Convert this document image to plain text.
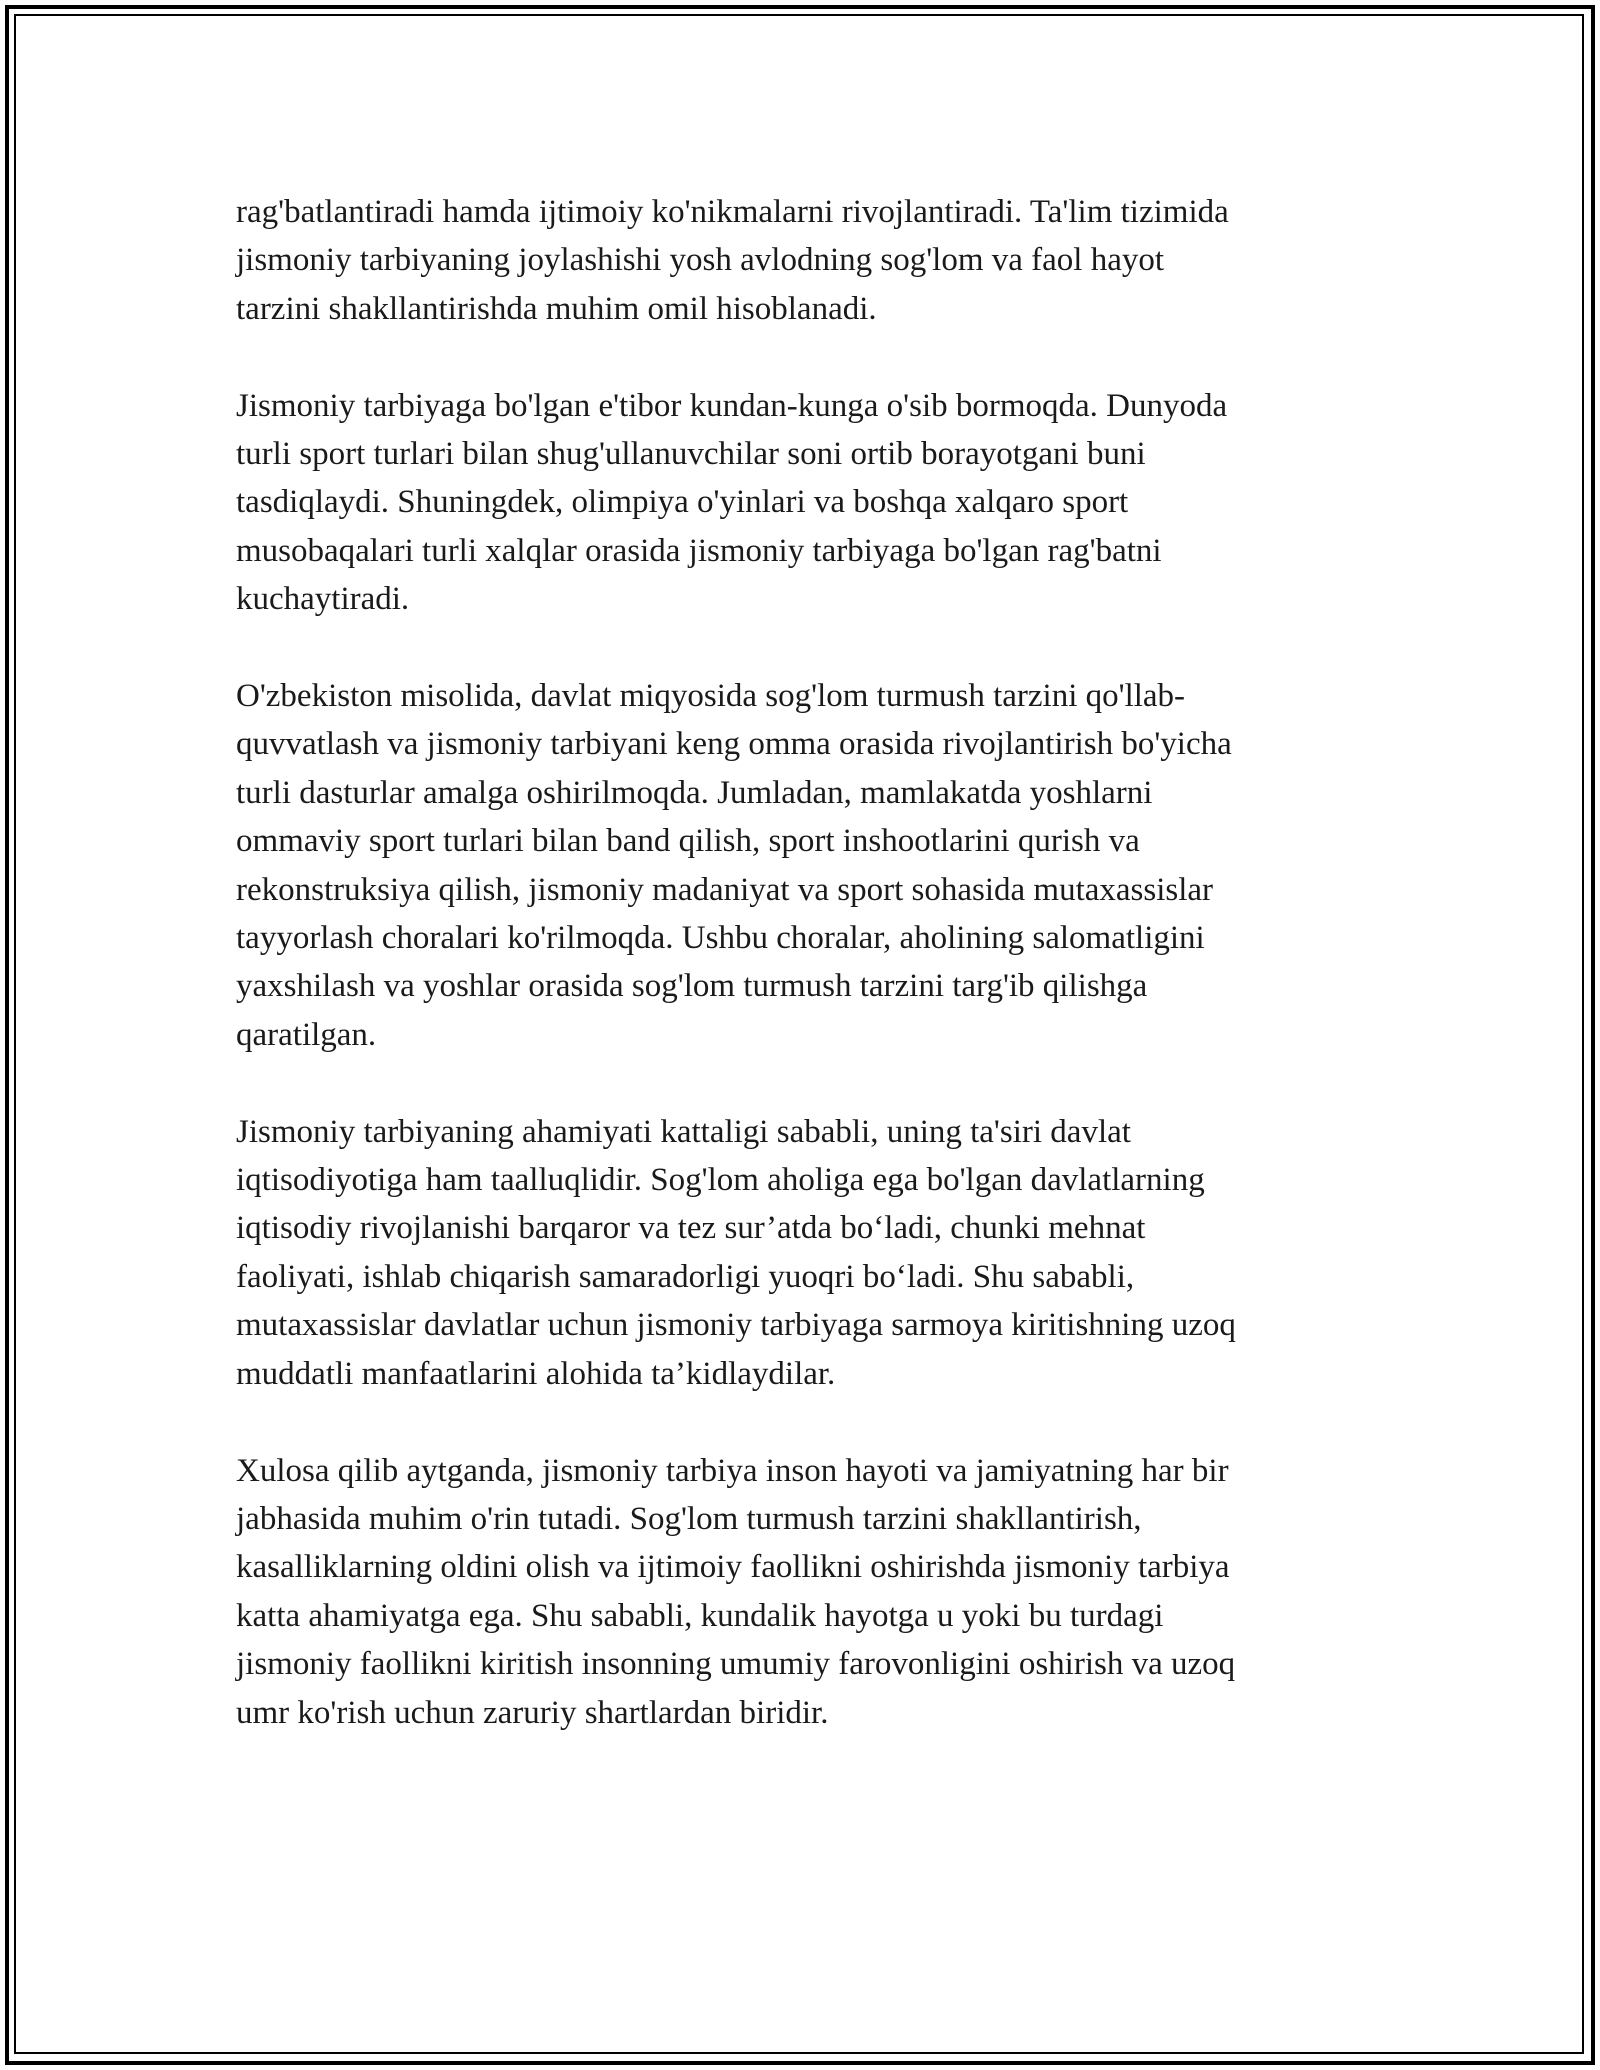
rag'batlantiradi hamda ijtimoiy ko'nikmalarni rivojlantiradi. Ta'lim tizimida
jismoniy tarbiyaning joylashishi yosh avlodning sog'lom va faol hayot
tarzini shakllantirishda muhim omil hisoblanadi.

Jismoniy tarbiyaga bo'lgan e'tibor kundan-kunga o'sib bormoqda. Dunyoda
turli sport turlari bilan shug'ullanuvchilar soni ortib borayotgani buni
tasdiqlaydi. Shuningdek, olimpiya o'yinlari va boshqa xalqaro sport
musobaqalari turli xalqlar orasida jismoniy tarbiyaga bo'lgan rag'batni
kuchaytiradi.

O'zbekiston misolida, davlat miqyosida sog'lom turmush tarzini qo'llab-
quvvatlash va jismoniy tarbiyani keng omma orasida rivojlantirish bo'yicha
turli dasturlar amalga oshirilmoqda. Jumladan, mamlakatda yoshlarni
ommaviy sport turlari bilan band qilish, sport inshootlarini qurish va
rekonstruksiya qilish, jismoniy madaniyat va sport sohasida mutaxassislar
tayyorlash choralari ko'rilmoqda. Ushbu choralar, aholining salomatligini
yaxshilash va yoshlar orasida sog'lom turmush tarzini targ'ib qilishga
qaratilgan.

Jismoniy tarbiyaning ahamiyati kattaligi sababli, uning ta'siri davlat
iqtisodiyotiga ham taalluqlidir. Sog'lom aholiga ega bo'lgan davlatlarning
iqtisodiy rivojlanishi barqaror va tez sur’atda bo‘ladi, chunki mehnat
faoliyati, ishlab chiqarish samaradorligi yuoqri bo‘ladi. Shu sababli,
mutaxassislar davlatlar uchun jismoniy tarbiyaga sarmoya kiritishning uzoq
muddatli manfaatlarini alohida ta’kidlaydilar.

Xulosa qilib aytganda, jismoniy tarbiya inson hayoti va jamiyatning har bir
jabhasida muhim o'rin tutadi. Sog'lom turmush tarzini shakllantirish,
kasalliklarning oldini olish va ijtimoiy faollikni oshirishda jismoniy tarbiya
katta ahamiyatga ega. Shu sababli, kundalik hayotga u yoki bu turdagi
jismoniy faollikni kiritish insonning umumiy farovonligini oshirish va uzoq
umr ko'rish uchun zaruriy shartlardan biridir.
